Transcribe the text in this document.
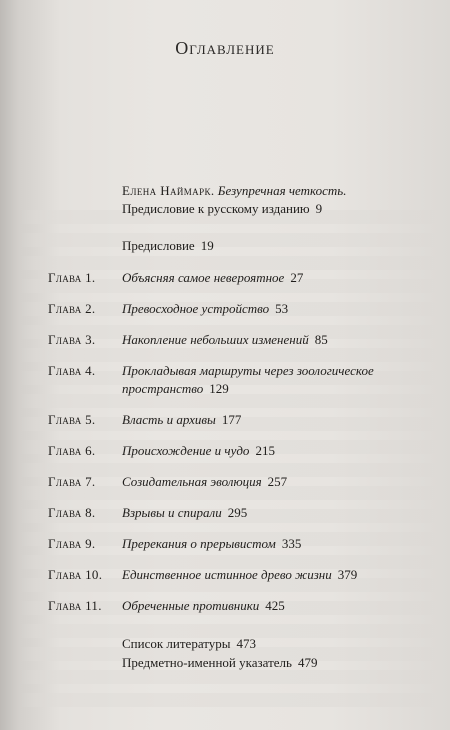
Оглавление
Елена Наймарк. Безупречная четкость.
Предисловие к русскому изданию 9
Предисловие 19
Глава 1. Объясняя самое невероятное 27
Глава 2. Превосходное устройство 53
Глава 3. Накопление небольших изменений 85
Глава 4. Прокладывая маршруты через зоологическое
пространство 129
Глава 5. Власть и архивы 177
Глава 6. Происхождение и чудо 215
Глава 7. Созидательная эволюция 257
Глава 8. Взрывы и спирали 295
Глава 9. Пререкания о прерывистом 335
Глава 10. Единственное истинное древо жизни 379
Глава 11. Обреченные противники 425
Список литературы 473
Предметно-именной указатель 479
